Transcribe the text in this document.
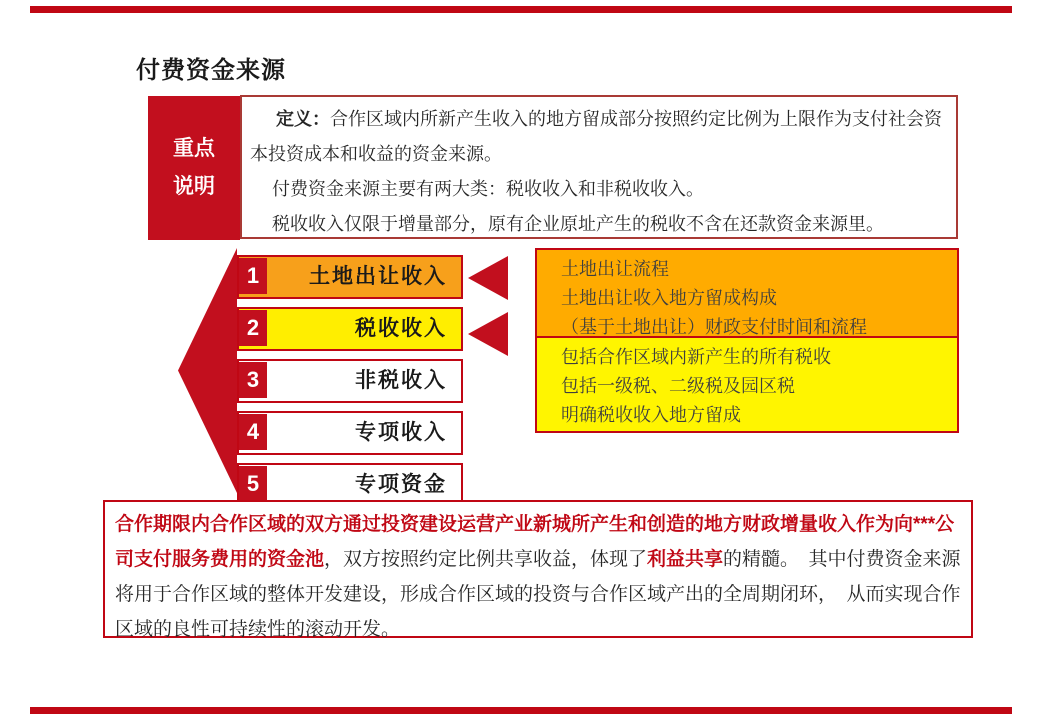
付费资金来源
重点
说明

定义：合作区域内所新产生收入的地方留成部分按照约定比例为上限作为支付社会资本投资成本和收益的资金来源。

付费资金来源主要有两大类：税收收入和非税收收入。

税收收入仅限于增量部分，原有企业原址产生的税收不含在还款资金来源里。

来源
1	土地出让收入
2	税收收入
3	非税收入
4	专项收入
5	专项资金
土地出让流程
土地出让收入地方留成构成
（基于土地出让）财政支付时间和流程
包括合作区域内新产生的所有税收
包括一级税、二级税及园区税
明确税收收入地方留成
合作期限内合作区域的双方通过投资建设运营产业新城所产生和创造的地方财政增量收入作为向***公司支付服务费用的资金池，双方按照约定比例共享收益，体现了利益共享的精髓。　其中付费资金来源将用于合作区域的整体开发建设，形成合作区域的投资与合作区域产出的全周期闭环，　从而实现合作区域的良性可持续性的滚动开发。
